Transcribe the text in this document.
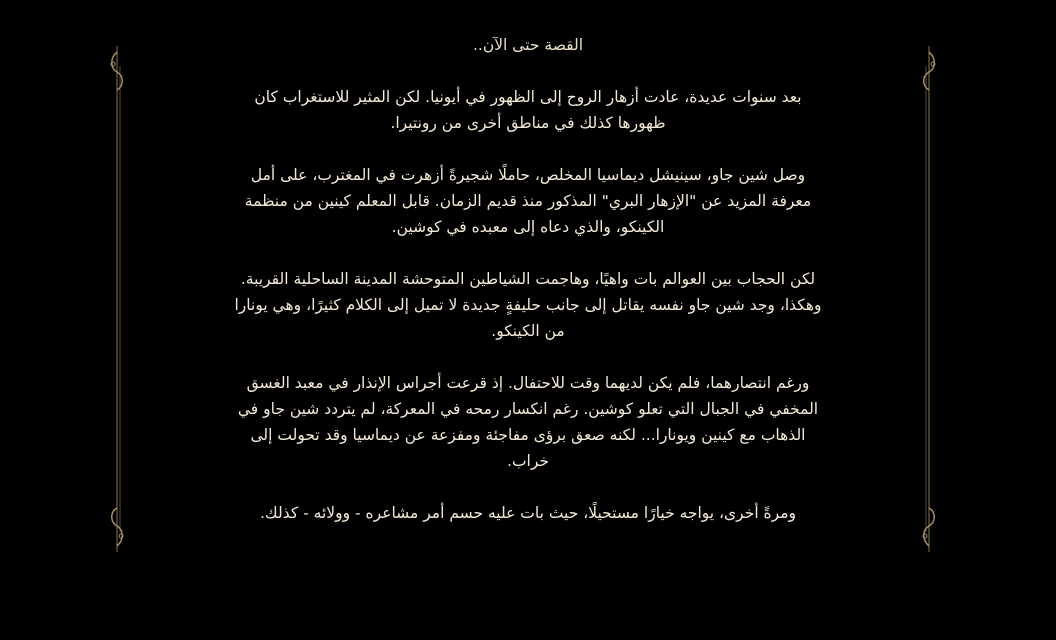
القصة حتى الآن..

بعد سنوات عديدة، عادت أزهار الروح إلى الظهور في أيونيا. لكن المثير للاستغراب كان ظهورها كذلك في مناطق أخرى من رونتيرا.

وصل شين جاو، سينيشل ديماسيا المخلص، حاملًا شجيرةً أزهرت في المغترب، على أمل معرفة المزيد عن "الإزهار البري" المذكور منذ قديم الزمان. قابل المعلم كينين من منظمة الكينكو، والذي دعاه إلى معبده في كوشين.

لكن الحجاب بين العوالم بات واهيًا، وهاجمت الشياطين المتوحشة المدينة الساحلية القريبة. وهكذا، وجد شين جاو نفسه يقاتل إلى جانب حليفةٍ جديدة لا تميل إلى الكلام كثيرًا، وهي يونارا من الكينكو.

ورغم انتصارهما، فلم يكن لديهما وقت للاحتفال. إذ قرعت أجراس الإنذار في معبد الغسق المخفي في الجبال التي تعلو كوشين. رغم انكسار رمحه في المعركة، لم يتردد شين جاو في الذهاب مع كينين ويونارا... لكنه صعق برؤى مفاجئة ومفزعة عن ديماسيا وقد تحولت إلى خراب.

ومرةً أخرى، يواجه خيارًا مستحيلًا، حيث بات عليه حسم أمر مشاعره - وولائه - كذلك.
